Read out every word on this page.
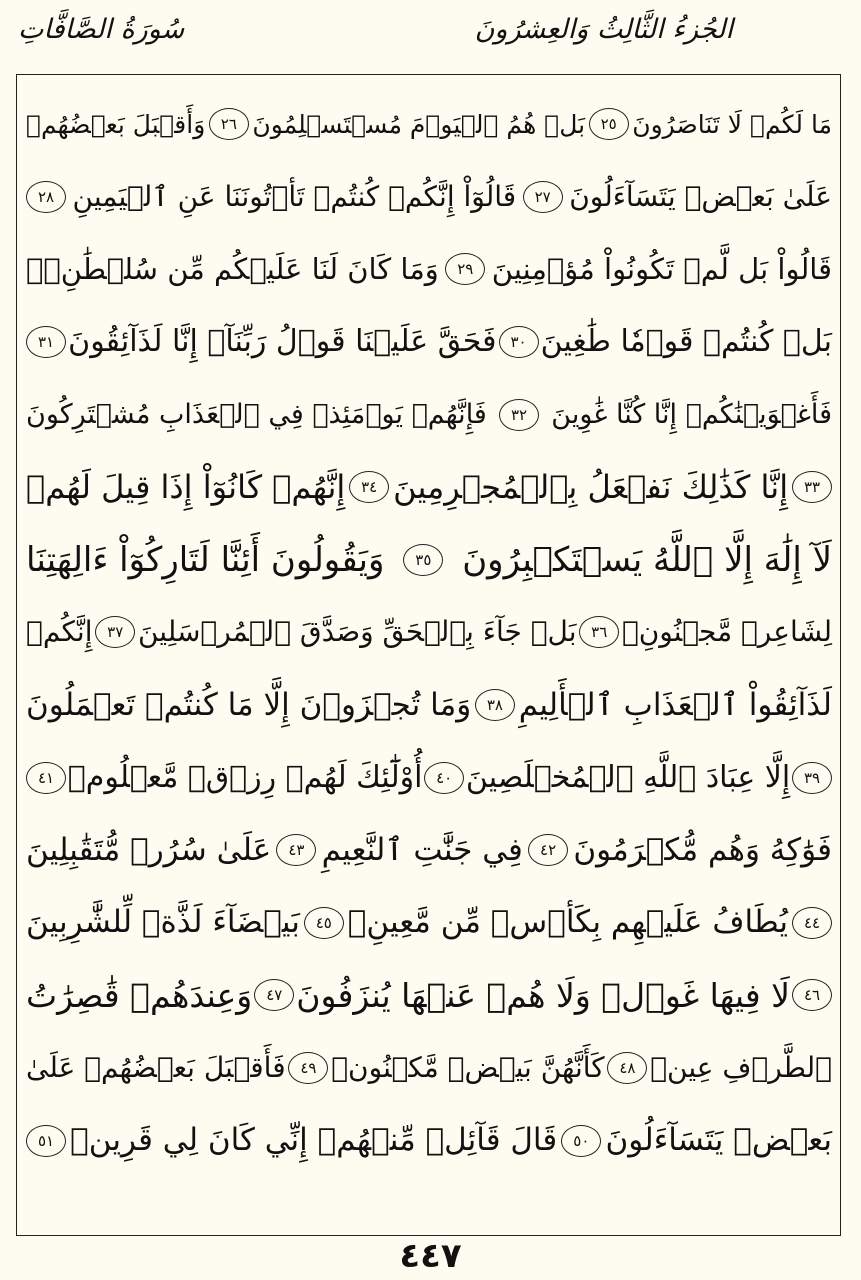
الجُزءُ الثَّالِثُ وَالعِشرُونَ
سُورَةُ الصَّافَّاتِ
مَا لَكُمۡ لَا تَنَاصَرُونَ
٢٥
بَلۡ هُمُ ٱلۡيَوۡمَ مُسۡتَسۡلِمُونَ
٢٦
وَأَقۡبَلَ بَعۡضُهُمۡ
عَلَىٰ بَعۡضٖ يَتَسَآءَلُونَ
٢٧
قَالُوٓاْ إِنَّكُمۡ كُنتُمۡ تَأۡتُونَنَا عَنِ ٱلۡيَمِينِ
٢٨
قَالُواْ بَل لَّمۡ تَكُونُواْ مُؤۡمِنِينَ
٢٩
وَمَا كَانَ لَنَا عَلَيۡكُم مِّن سُلۡطَٰنِۭۖ
بَلۡ كُنتُمۡ قَوۡمٗا طَٰغِينَ
٣٠
فَحَقَّ عَلَيۡنَا قَوۡلُ رَبِّنَآۖ إِنَّا لَذَآئِقُونَ
٣١
فَأَغۡوَيۡنَٰكُمۡ إِنَّا كُنَّا غَٰوِينَ
٣٢
فَإِنَّهُمۡ يَوۡمَئِذٖ فِي ٱلۡعَذَابِ مُشۡتَرِكُونَ
٣٣
إِنَّا كَذَٰلِكَ نَفۡعَلُ بِٱلۡمُجۡرِمِينَ
٣٤
إِنَّهُمۡ كَانُوٓاْ إِذَا قِيلَ لَهُمۡ
لَآ إِلَٰهَ إِلَّا ٱللَّهُ يَسۡتَكۡبِرُونَ
٣٥
وَيَقُولُونَ أَئِنَّا لَتَارِكُوٓاْ ءَالِهَتِنَا
لِشَاعِرٖ مَّجۡنُونِۭ
٣٦
بَلۡ جَآءَ بِٱلۡحَقِّ وَصَدَّقَ ٱلۡمُرۡسَلِينَ
٣٧
إِنَّكُمۡ
لَذَآئِقُواْ ٱلۡعَذَابِ ٱلۡأَلِيمِ
٣٨
وَمَا تُجۡزَوۡنَ إِلَّا مَا كُنتُمۡ تَعۡمَلُونَ
٣٩
إِلَّا عِبَادَ ٱللَّهِ ٱلۡمُخۡلَصِينَ
٤٠
أُوْلَٰٓئِكَ لَهُمۡ رِزۡقٞ مَّعۡلُومٞ
٤١
فَوَٰكِهُ وَهُم مُّكۡرَمُونَ
٤٢
فِي جَنَّٰتِ ٱلنَّعِيمِ
٤٣
عَلَىٰ سُرُرٖ مُّتَقَٰبِلِينَ
٤٤
يُطَافُ عَلَيۡهِم بِكَأۡسٖ مِّن مَّعِينِۭ
٤٥
بَيۡضَآءَ لَذَّةٖ لِّلشَّٰرِبِينَ
٤٦
لَا فِيهَا غَوۡلٞ وَلَا هُمۡ عَنۡهَا يُنزَفُونَ
٤٧
وَعِندَهُمۡ قَٰصِرَٰتُ
ٱلطَّرۡفِ عِينٞ
٤٨
كَأَنَّهُنَّ بَيۡضٞ مَّكۡنُونٞ
٤٩
فَأَقۡبَلَ بَعۡضُهُمۡ عَلَىٰ
بَعۡضٖ يَتَسَآءَلُونَ
٥٠
قَالَ قَآئِلٞ مِّنۡهُمۡ إِنِّي كَانَ لِي قَرِينٞ
٥١
٤٤٧
